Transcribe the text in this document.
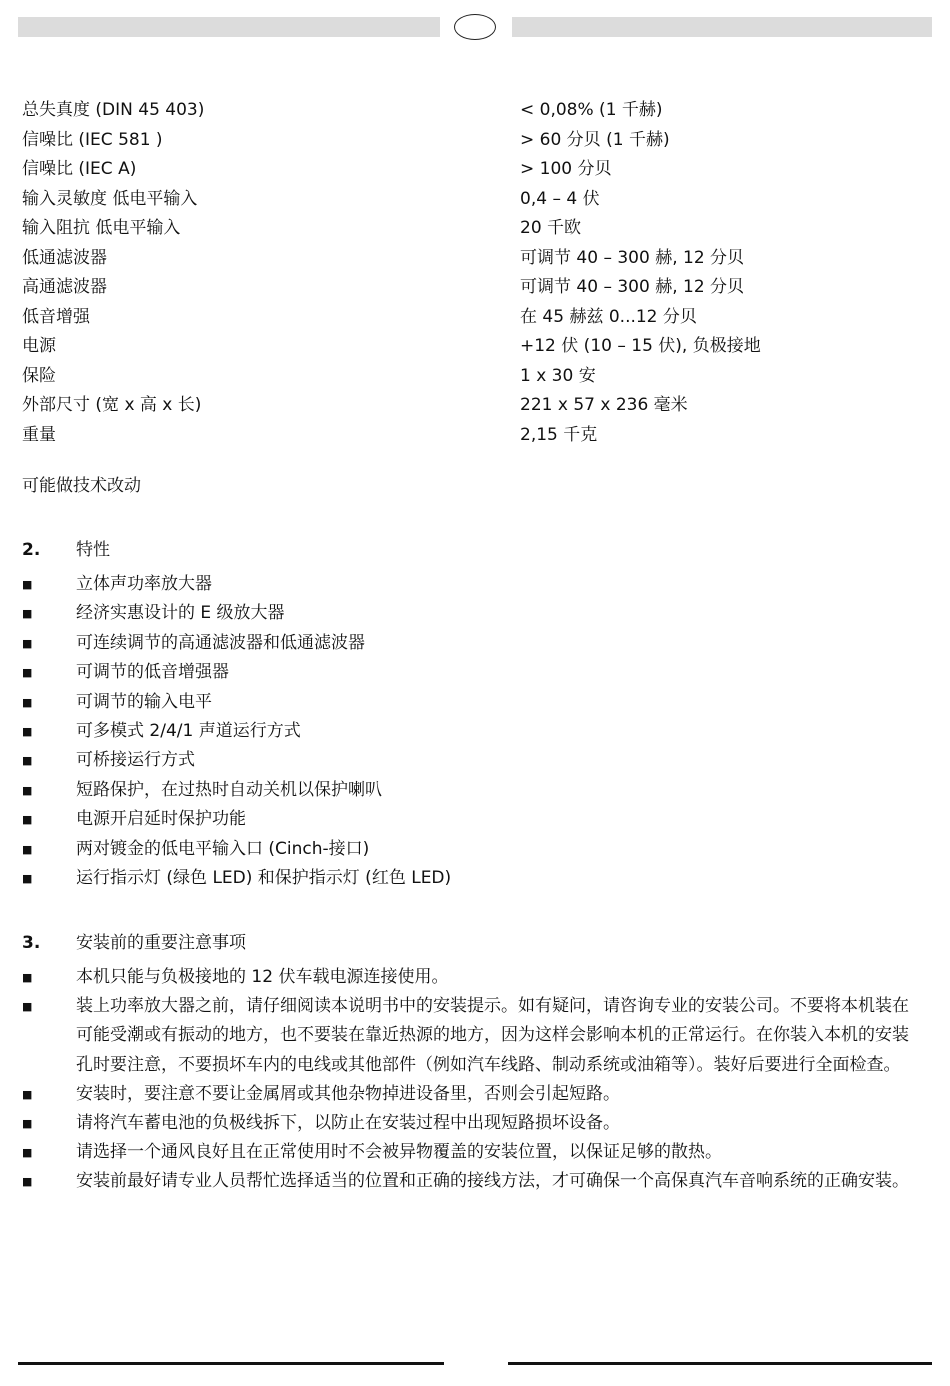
总失真度 (DIN 45 403)	< 0,08% (1 千赫)
信噪比 (IEC 581 )	> 60 分贝 (1 千赫)
信噪比 (IEC A)	> 100 分贝
输入灵敏度 低电平输入	0,4 – 4 伏
输入阻抗 低电平输入	20 千欧
低通滤波器	可调节 40 – 300 赫, 12 分贝
高通滤波器	可调节 40 – 300 赫, 12 分贝
低音增强	在 45 赫兹 0...12 分贝
电源	+12 伏 (10 – 15 伏), 负极接地
保险	1 x 30 安
外部尺寸 (宽 x 高 x 长)	221 x 57 x 236 毫米
重量	2,15 千克
可能做技术改动
2. 特性
■	立体声功率放大器
■	经济实惠设计的 E 级放大器
■	可连续调节的高通滤波器和低通滤波器
■	可调节的低音增强器
■	可调节的输入电平
■	可多模式 2/4/1 声道运行方式
■	可桥接运行方式
■	短路保护，在过热时自动关机以保护喇叭
■	电源开启延时保护功能
■	两对镀金的低电平输入口 (Cinch-接口)
■	运行指示灯 (绿色 LED) 和保护指示灯 (红色 LED)
3. 安装前的重要注意事项
■	本机只能与负极接地的 12 伏车载电源连接使用。
■	装上功率放大器之前，请仔细阅读本说明书中的安装提示。如有疑问，请咨询专业的安装公司。不要将本机装在可能受潮或有振动的地方，也不要装在靠近热源的地方，因为这样会影响本机的正常运行。在你装入本机的安装孔时要注意，不要损坏车内的电线或其他部件（例如汽车线路、制动系统或油箱等）。装好后要进行全面检查。
■	安装时，要注意不要让金属屑或其他杂物掉进设备里，否则会引起短路。
■	请将汽车蓄电池的负极线拆下，以防止在安装过程中出现短路损坏设备。
■	请选择一个通风良好且在正常使用时不会被异物覆盖的安装位置，以保证足够的散热。
■	安装前最好请专业人员帮忙选择适当的位置和正确的接线方法，才可确保一个高保真汽车音响系统的正确安装。
